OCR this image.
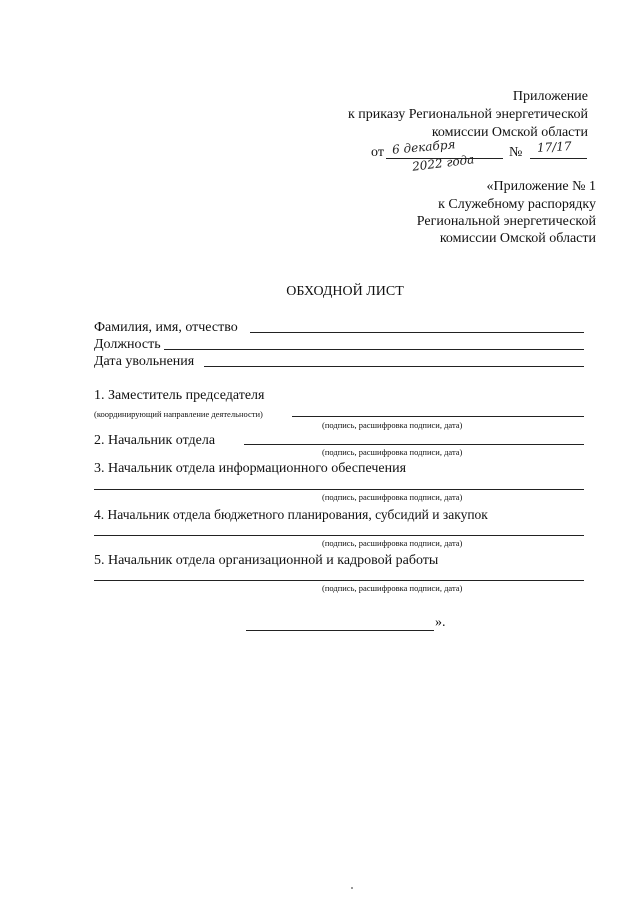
Приложение
к приказу Региональной энергетической
комиссии Омской области
от 6 декабря
2022 года № 17/17
«Приложение № 1
к Служебному распорядку
Региональной энергетической
комиссии Омской области
ОБХОДНОЙ ЛИСТ
Фамилия, имя, отчество
Должность
Дата увольнения
1. Заместитель председателя
(координирующий направление деятельности)
(подпись, расшифровка подписи, дата)
2. Начальник отдела
(подпись, расшифровка подписи, дата)
3. Начальник отдела информационного обеспечения
(подпись, расшифровка подписи, дата)
4. Начальник отдела бюджетного планирования, субсидий и закупок
(подпись, расшифровка подписи, дата)
5. Начальник отдела организационной и кадровой работы
(подпись, расшифровка подписи, дата)
».
